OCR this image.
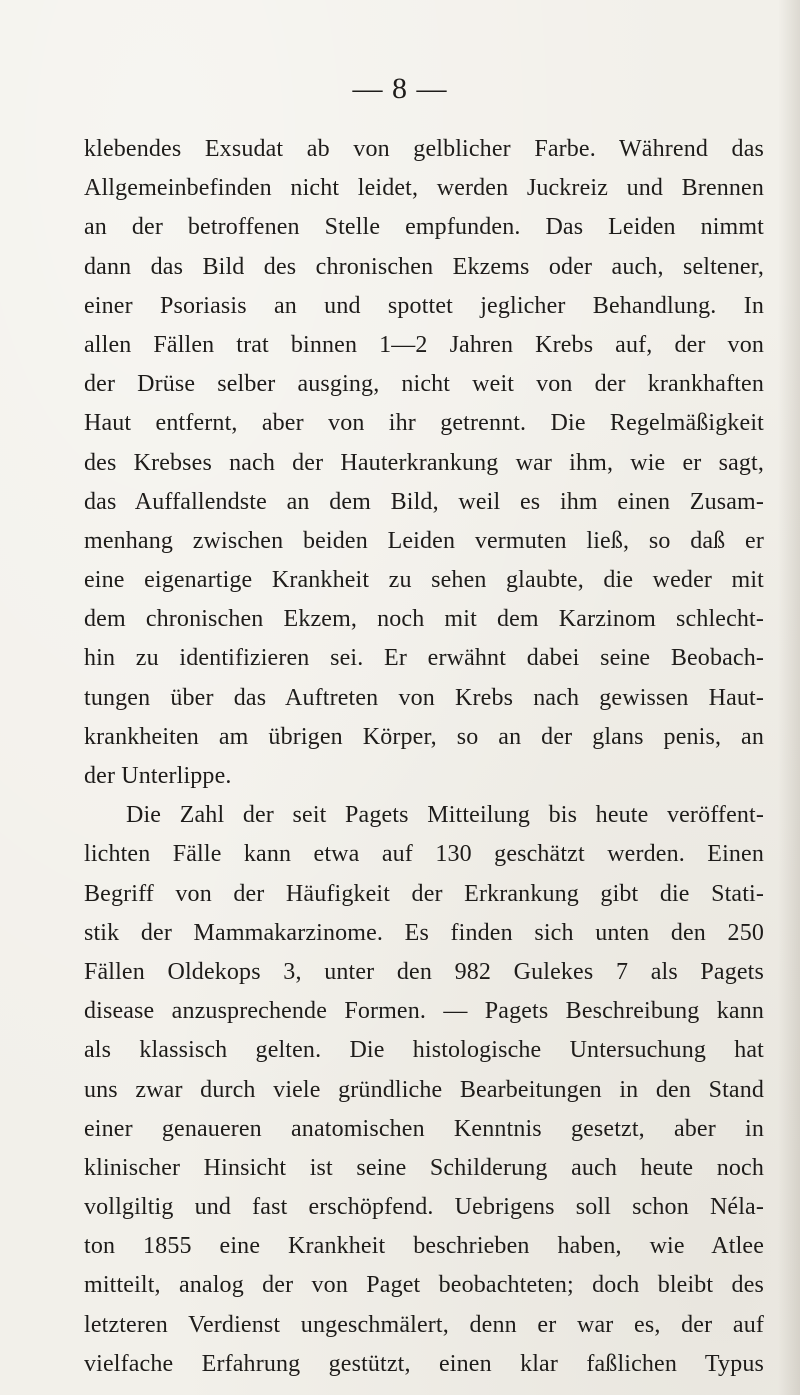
— 8 —
klebendes Exsudat ab von gelblicher Farbe. Während das
Allgemeinbefinden nicht leidet, werden Juckreiz und Brennen
an der betroffenen Stelle empfunden. Das Leiden nimmt
dann das Bild des chronischen Ekzems oder auch, seltener,
einer Psoriasis an und spottet jeglicher Behandlung. In
allen Fällen trat binnen 1—2 Jahren Krebs auf, der von
der Drüse selber ausging, nicht weit von der krankhaften
Haut entfernt, aber von ihr getrennt. Die Regelmäßigkeit
des Krebses nach der Hauterkrankung war ihm, wie er sagt,
das Auffallendste an dem Bild, weil es ihm einen Zusam-
menhang zwischen beiden Leiden vermuten ließ, so daß er
eine eigenartige Krankheit zu sehen glaubte, die weder mit
dem chronischen Ekzem, noch mit dem Karzinom schlecht-
hin zu identifizieren sei. Er erwähnt dabei seine Beobach-
tungen über das Auftreten von Krebs nach gewissen Haut-
krankheiten am übrigen Körper, so an der glans penis, an
der Unterlippe.
Die Zahl der seit Pagets Mitteilung bis heute veröffent-
lichten Fälle kann etwa auf 130 geschätzt werden. Einen
Begriff von der Häufigkeit der Erkrankung gibt die Stati-
stik der Mammakarzinome. Es finden sich unten den 250
Fällen Oldekops 3, unter den 982 Gulekes 7 als Pagets
disease anzusprechende Formen. — Pagets Beschreibung kann
als klassisch gelten. Die histologische Untersuchung hat
uns zwar durch viele gründliche Bearbeitungen in den Stand
einer genaueren anatomischen Kenntnis gesetzt, aber in
klinischer Hinsicht ist seine Schilderung auch heute noch
vollgiltig und fast erschöpfend. Uebrigens soll schon Néla-
ton 1855 eine Krankheit beschrieben haben, wie Atlee
mitteilt, analog der von Paget beobachteten; doch bleibt des
letzteren Verdienst ungeschmälert, denn er war es, der auf
vielfache Erfahrung gestützt, einen klar faßlichen Typus
